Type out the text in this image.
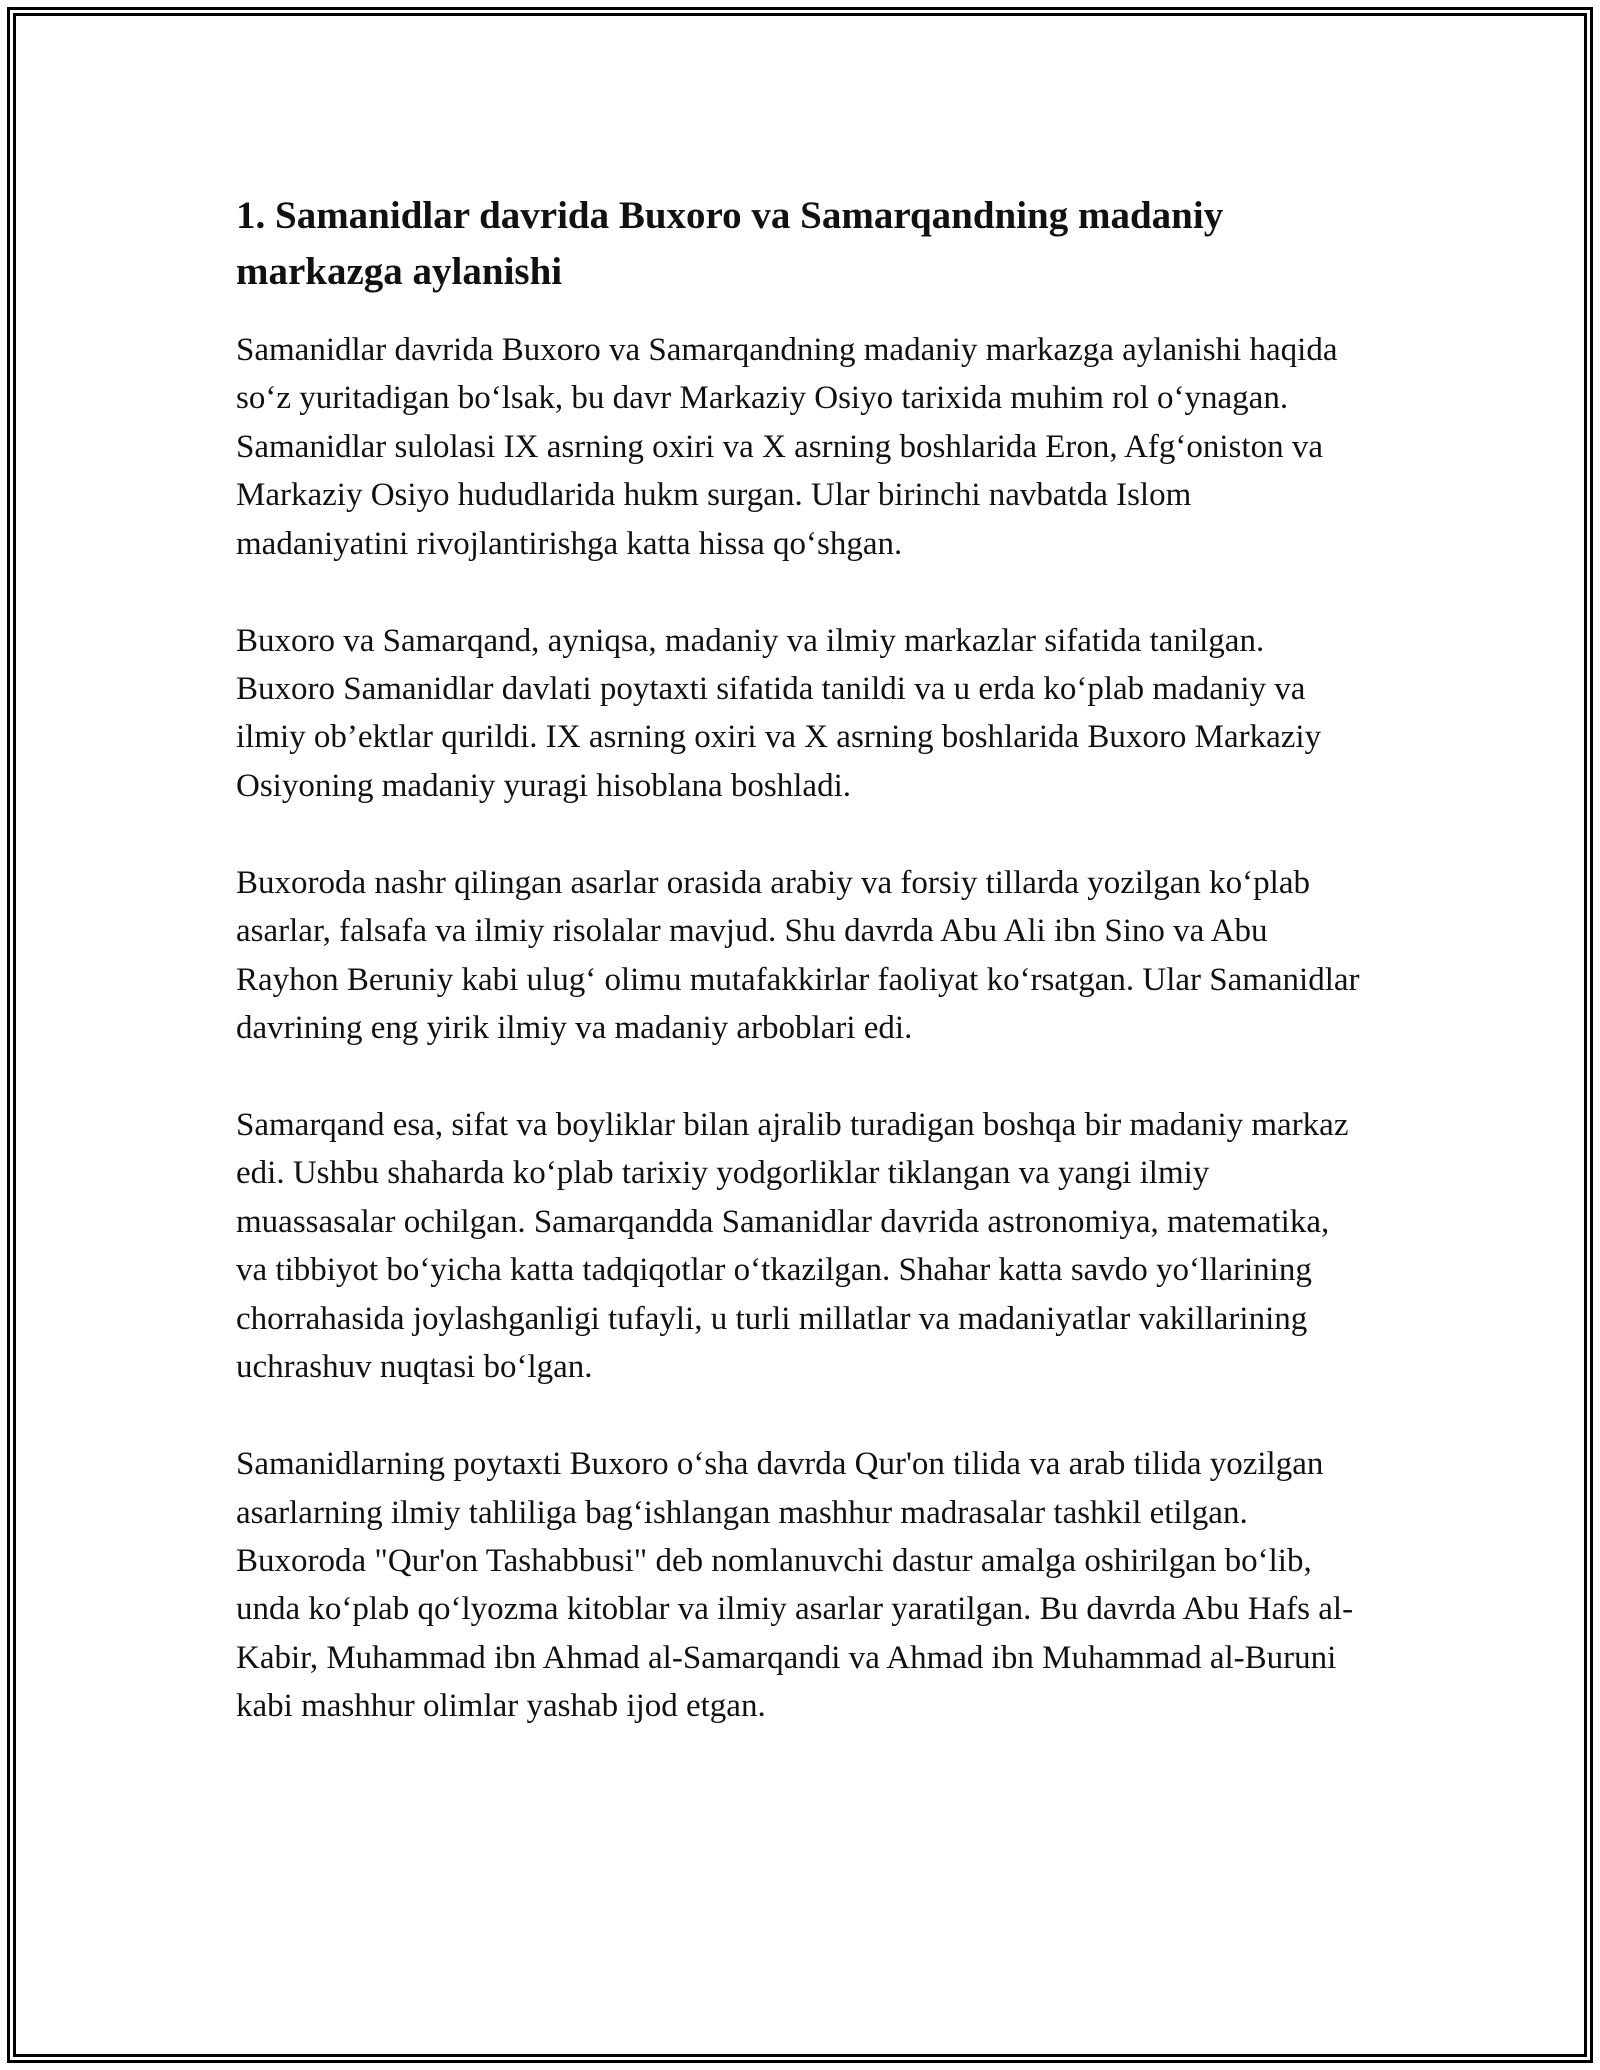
1. Samanidlar davrida Buxoro va Samarqandning madaniy markazga aylanishi

Samanidlar davrida Buxoro va Samarqandning madaniy markazga aylanishi haqida so‘z yuritadigan bo‘lsak, bu davr Markaziy Osiyo tarixida muhim rol o‘ynagan. Samanidlar sulolasi IX asrning oxiri va X asrning boshlarida Eron, Afg‘oniston va Markaziy Osiyo hududlarida hukm surgan. Ular birinchi navbatda Islom madaniyatini rivojlantirishga katta hissa qo‘shgan.

Buxoro va Samarqand, ayniqsa, madaniy va ilmiy markazlar sifatida tanilgan. Buxoro Samanidlar davlati poytaxti sifatida tanildi va u erda ko‘plab madaniy va ilmiy ob’ektlar qurildi. IX asrning oxiri va X asrning boshlarida Buxoro Markaziy Osiyoning madaniy yuragi hisoblana boshladi.

Buxoroda nashr qilingan asarlar orasida arabiy va forsiy tillarda yozilgan ko‘plab asarlar, falsafa va ilmiy risolalar mavjud. Shu davrda Abu Ali ibn Sino va Abu Rayhon Beruniy kabi ulug‘ olimu mutafakkirlar faoliyat ko‘rsatgan. Ular Samanidlar davrining eng yirik ilmiy va madaniy arboblari edi.

Samarqand esa, sifat va boyliklar bilan ajralib turadigan boshqa bir madaniy markaz edi. Ushbu shaharda ko‘plab tarixiy yodgorliklar tiklangan va yangi ilmiy muassasalar ochilgan. Samarqandda Samanidlar davrida astronomiya, matematika, va tibbiyot bo‘yicha katta tadqiqotlar o‘tkazilgan. Shahar katta savdo yo‘llarining chorrahasida joylashganligi tufayli, u turli millatlar va madaniyatlar vakillarining uchrashuv nuqtasi bo‘lgan.

Samanidlarning poytaxti Buxoro o‘sha davrda Qur'on tilida va arab tilida yozilgan asarlarning ilmiy tahliliga bag‘ishlangan mashhur madrasalar tashkil etilgan. Buxoroda "Qur'on Tashabbusi" deb nomlanuvchi dastur amalga oshirilgan bo‘lib, unda ko‘plab qo‘lyozma kitoblar va ilmiy asarlar yaratilgan. Bu davrda Abu Hafs al-Kabir, Muhammad ibn Ahmad al-Samarqandi va Ahmad ibn Muhammad al-Buruni kabi mashhur olimlar yashab ijod etgan.
